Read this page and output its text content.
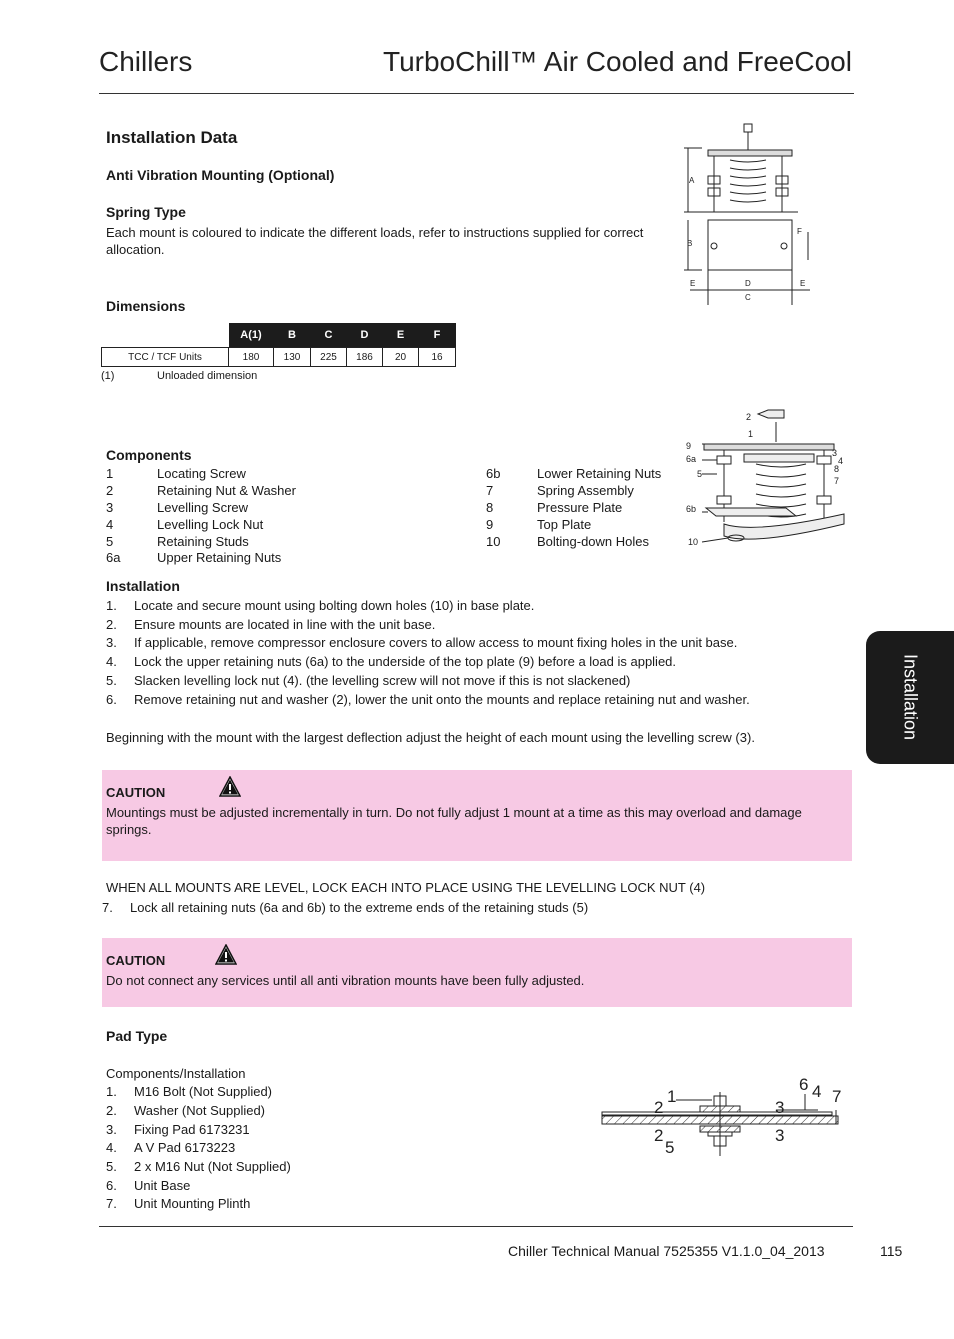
Chillers	TurboChill™ Air Cooled and FreeCool
Installation Data
Anti Vibration Mounting (Optional)
Spring Type
Each mount is coloured to indicate the different loads, refer to instructions supplied for correct allocation.
Dimensions
	A(1)	B	C	D	E	F
TCC / TCF Units	180	130	225	186	20	16
(1)	Unloaded dimension
A
B
C
D
E	E
F
Components
1	Locating Screw
2	Retaining Nut & Washer
3	Levelling Screw
4	Levelling Lock Nut
5	Retaining Studs
6a	Upper Retaining Nuts
6b	Lower Retaining Nuts
7	Spring Assembly
8	Pressure Plate
9	Top Plate
10	Bolting-down Holes
2
1
9
6a
5
3
4
8
7
6b
10
Installation
1. Locate and secure mount using bolting down holes (10) in base plate.
2. Ensure mounts are located in line with the unit base.
3. If applicable, remove compressor enclosure covers to allow access to mount fixing holes in the unit base.
4. Lock the upper retaining nuts (6a) to the underside of the top plate (9) before a load is applied.
5. Slacken levelling lock nut (4). (the levelling screw will not move if this is not slackened)
6. Remove retaining nut and washer (2), lower the unit onto the mounts and replace retaining nut and washer.
Beginning with the mount with the largest deflection adjust the height of each mount using the levelling screw (3).
CAUTION
Mountings must be adjusted incrementally in turn. Do not fully adjust 1 mount at a time as this may overload and damage springs.
WHEN ALL MOUNTS ARE LEVEL, LOCK EACH INTO PLACE USING THE LEVELLING LOCK NUT (4)
7. Lock all retaining nuts (6a and 6b) to the extreme ends of the retaining studs (5)
CAUTION
Do not connect any services until all anti vibration mounts have been fully adjusted.
Pad Type
Components/Installation
1. M16 Bolt (Not Supplied)
2. Washer (Not Supplied)
3. Fixing Pad 6173231
4. A V Pad 6173223
5. 2 x M16 Nut (Not Supplied)
6. Unit Base
7. Unit Mounting Plinth
1
2	3
6 4 7
2
5
3
Installation
Chiller Technical Manual 7525355 V1.1.0_04_2013	115
